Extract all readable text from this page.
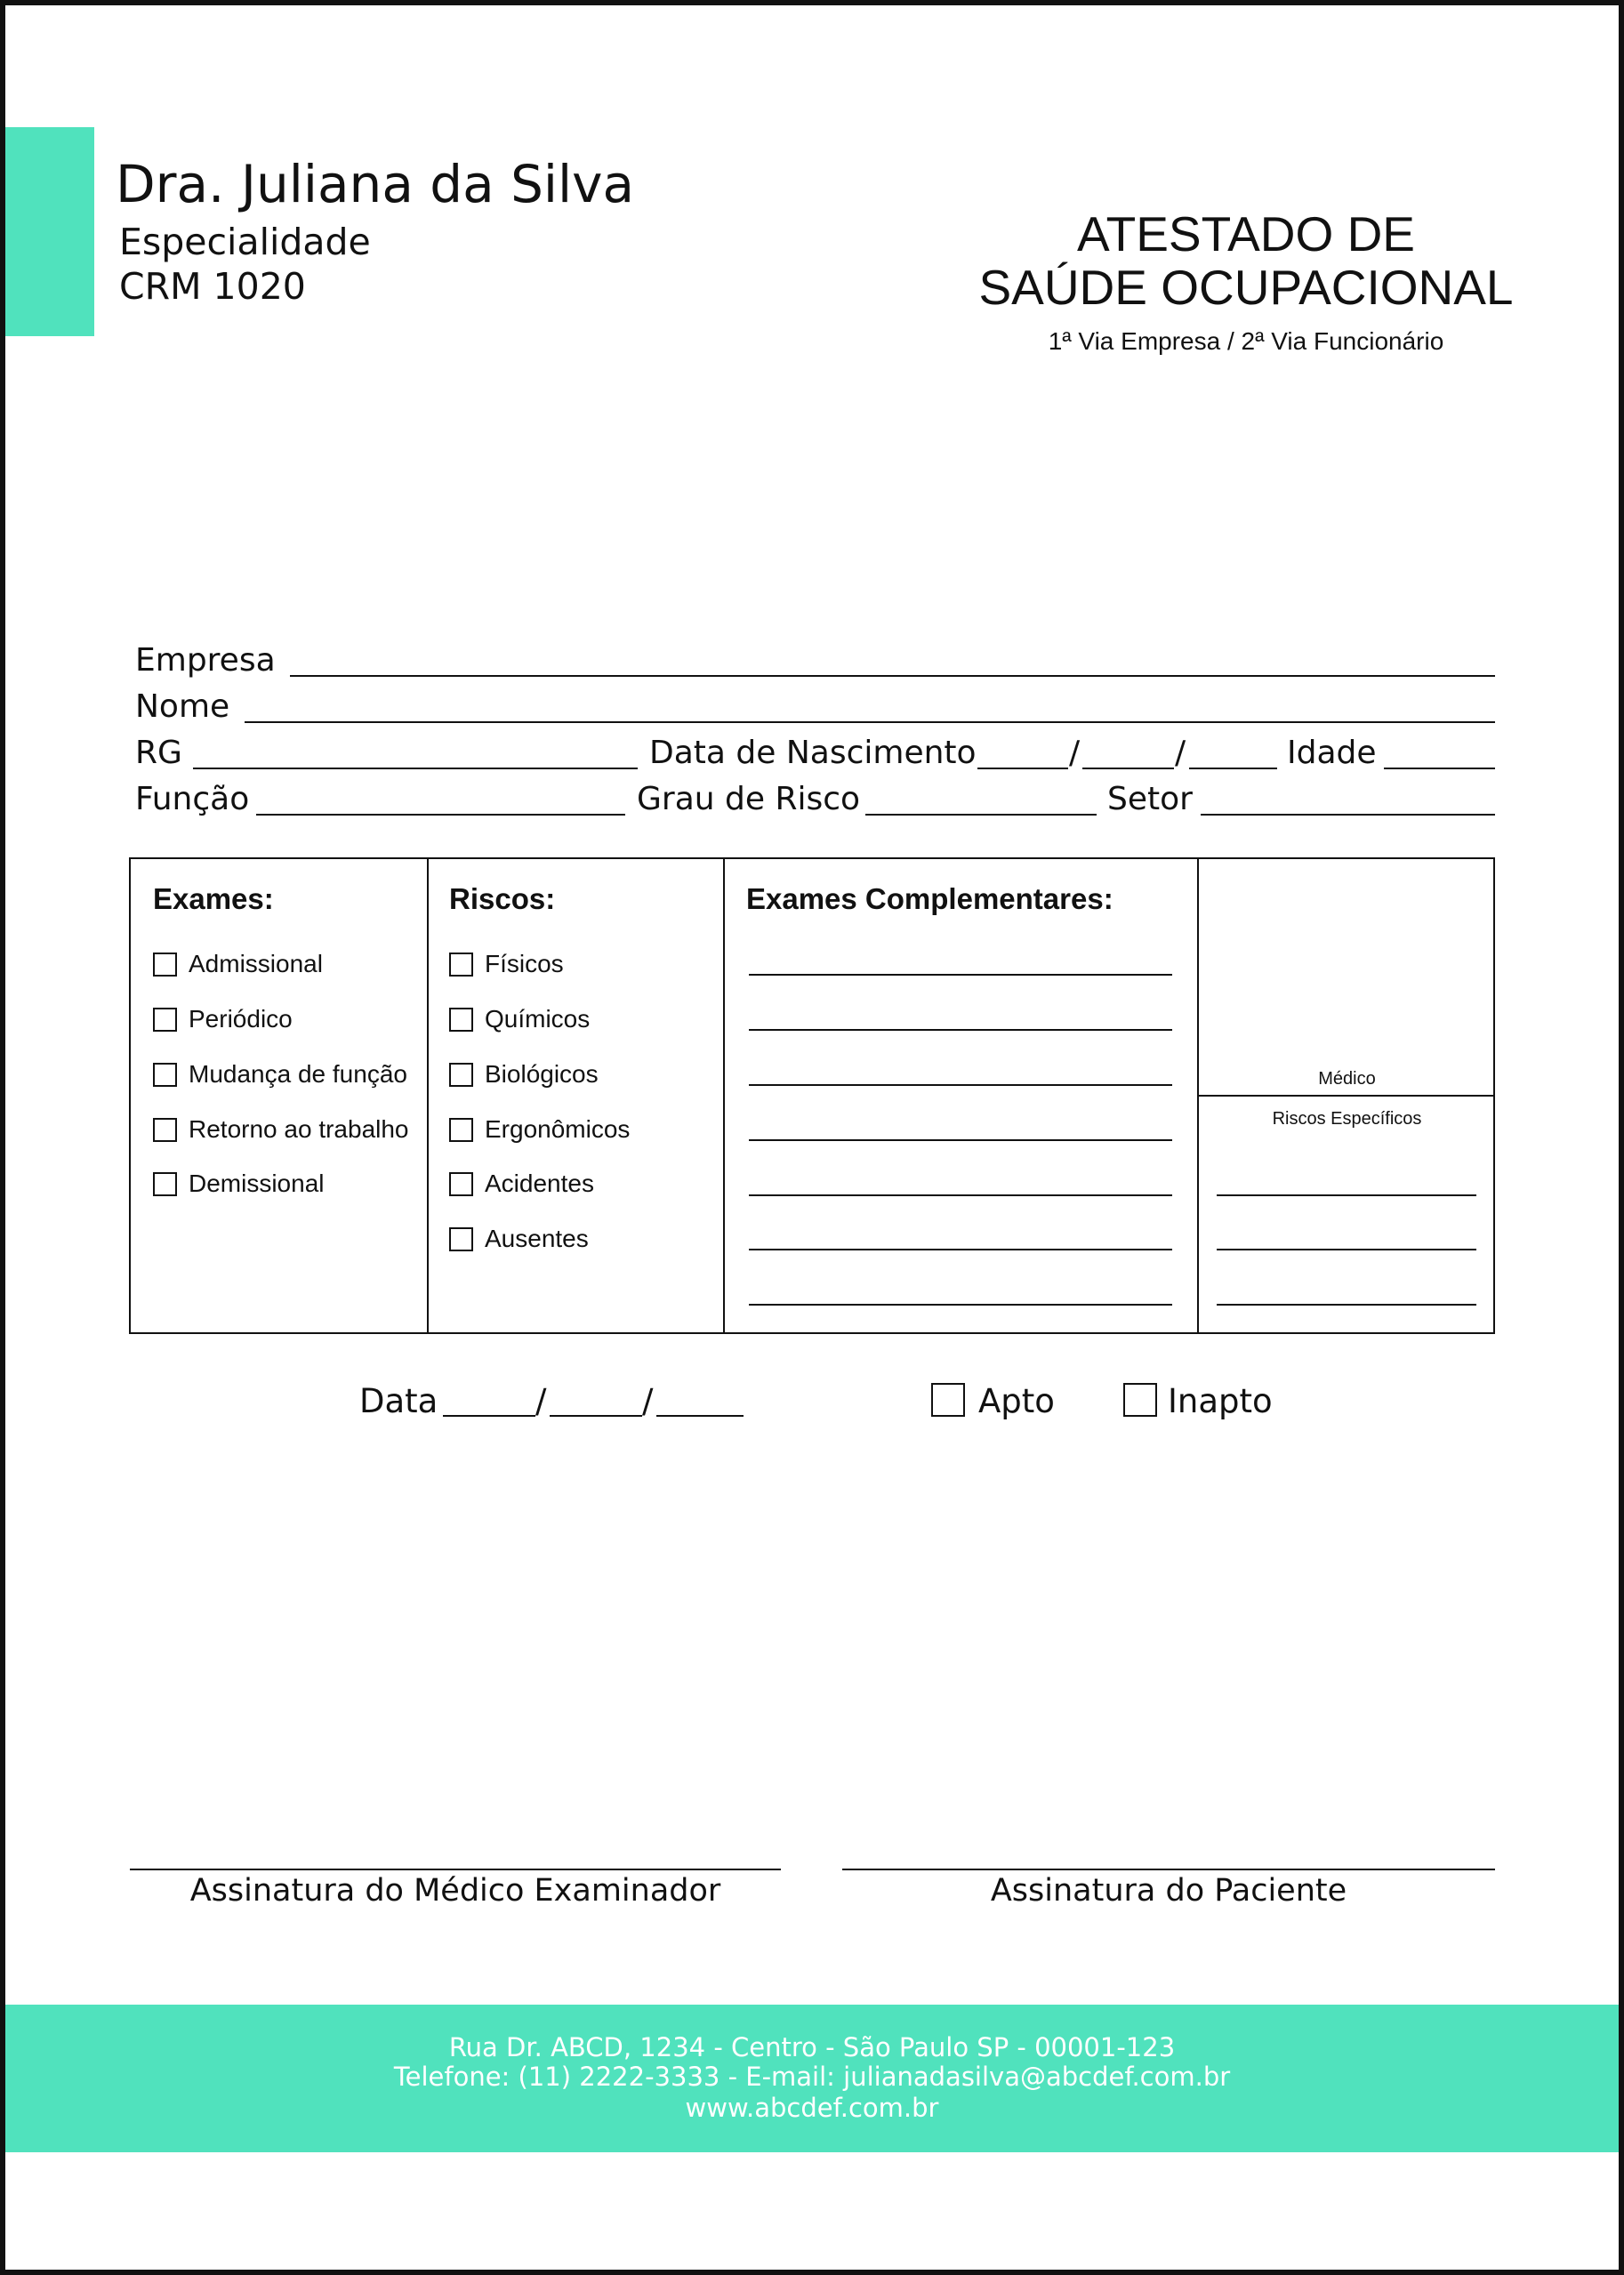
Dra. Juliana da Silva
Especialidade
CRM 1020
ATESTADO DE
SAÚDE OCUPACIONAL
1ª Via Empresa / 2ª Via Funcionário
Empresa
Nome
RG	Data de Nascimento	/	/	Idade
Função	Grau de Risco	Setor
Exames:
Admissional
Periódico
Mudança de função
Retorno ao trabalho
Demissional
Riscos:
Físicos
Químicos
Biológicos
Ergonômicos
Acidentes
Ausentes
Exames Complementares:
Médico
Riscos Específicos
Data	/	/	Apto	Inapto
Assinatura do Médico Examinador	Assinatura do Paciente
Rua Dr. ABCD, 1234 - Centro - São Paulo SP - 00001-123
Telefone: (11) 2222-3333 - E-mail: julianadasilva@abcdef.com.br
www.abcdef.com.br
